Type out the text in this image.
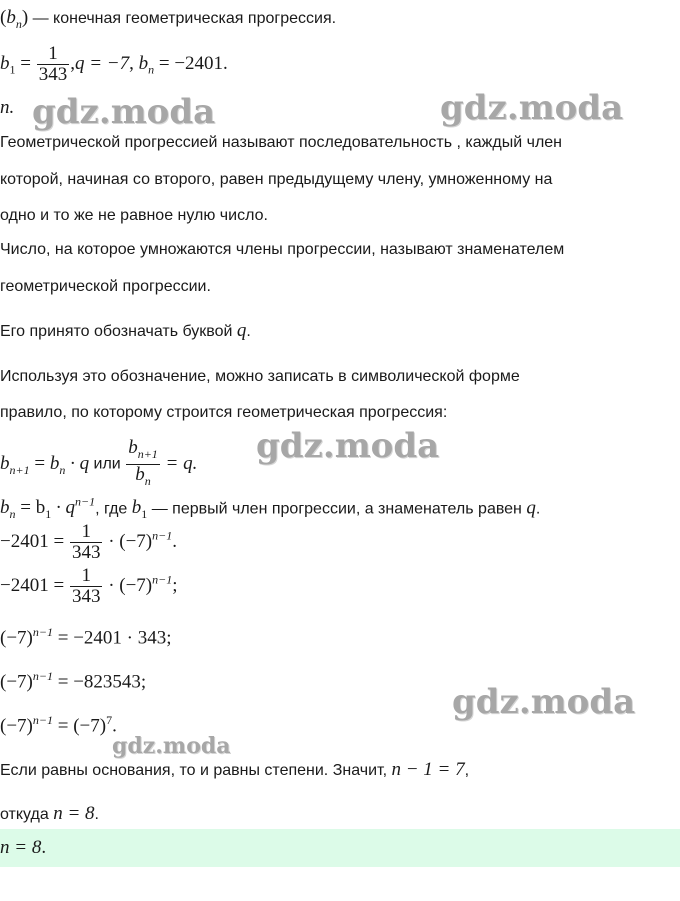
$(b_n)$ — конечная геометрическая прогрессия.
$b_1 = \frac{1}{343} ,q = -7$, $b_n = -2401$.
n.
Геометрической прогрессией называют последовательность , каждый член
которой, начиная со второго, равен предыдущему члену, умноженному на
одно и то же не равное нулю число.
Число, на которое умножаются члены прогрессии, называют знаменателем
геометрической прогрессии.
Его принято обозначать буквой q.
Используя это обозначение, можно записать в символической форме
правило, по которому строится геометрическая прогрессия:
$b_{n+1} = b_n \cdot q$ или $\frac{b_{n+1}}{b_n} = q$.
$b_n = b_1 \cdot q^{n-1}$, где $b_1$ — первый член прогрессии, а знаменатель равен q.
$-2401 = \frac{1}{343} \cdot (-7)^{n-1}$.
$-2401 = \frac{1}{343} \cdot (-7)^{n-1}$;
$(-7)^{n-1} = -2401 \cdot 343$;
$(-7)^{n-1} = -823543$;
$(-7)^{n-1} = (-7)^7$.
Если равны основания, то и равны степени. Значит, n − 1 = 7,
откуда n = 8.
n = 8.
gdz.moda	gdz.moda
gdz.moda
gdz.moda
gdz.moda
